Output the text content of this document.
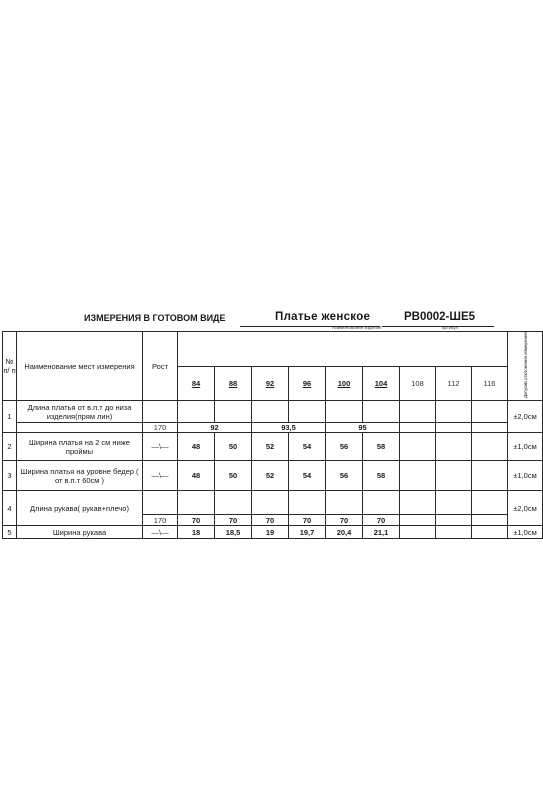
ИЗМЕРЕНИЯ В ГОТОВОМ ВИДЕ	Платье женское	РВ0002-ШЕ5
Наименование изделия	артикул
№ п/ п	Наименование мест измерения	Рост										Допуски отклонения измерения

			84	88	92	96	100	104	108	112	116	
1	Длина платья от в.п.т до низа изделия(прям лин)											±2,0см
		170	92		93,5		95					
2	Ширина платья на 2 см ниже проймы	—\—	48	50	52	54	56	58				±1,0см
3	Ширина платья на уровне бедер ( от в.п.т 60см )	—\—	48	50	52	54	56	58				±1,0см
4	Длина рукава( рукав+плечо)											±2,0см
		170	70	70	70	70	70	70				
5	Ширина рукава	—\—	18	18,5	19	19,7	20,4	21,1				±1,0см
